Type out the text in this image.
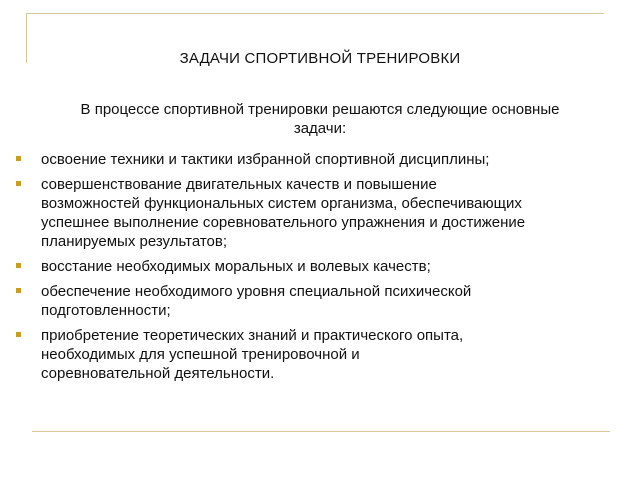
ЗАДАЧИ СПОРТИВНОЙ ТРЕНИРОВКИ

В процессе спортивной тренировки решаются следующие основные
задачи:

освоение техники и тактики избранной спортивной дисциплины;
совершенствование двигательных качеств и повышение
возможностей функциональных систем организма, обеспечивающих
успешнее выполнение соревновательного упражнения и достижение
планируемых результатов;
восстание необходимых моральных и волевых качеств;
обеспечение необходимого уровня специальной психической
подготовленности;
приобретение теоретических знаний и практического опыта,
необходимых для успешной тренировочной и
соревновательной деятельности.
